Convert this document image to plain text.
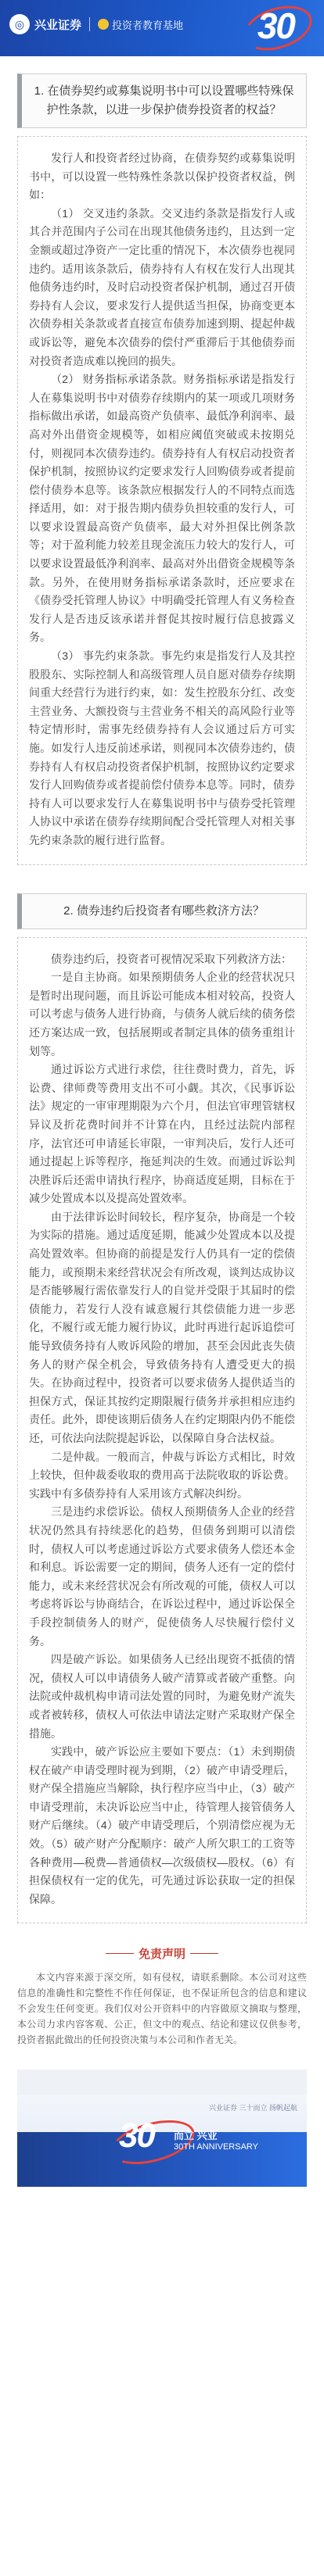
◎ 兴业证券	投资者教育基地 30
1. 在债券契约或募集说明书中可以设置哪些特殊保护性条款，以进一步保护债券投资者的权益？

发行人和投资者经过协商，在债券契约或募集说明书中，可以设置一些特殊性条款以保护投资者权益，例如：

（1） 交叉违约条款。交叉违约条款是指发行人或其合并范围内子公司在出现其他债务违约，且达到一定金额或超过净资产一定比重的情况下，本次债券也视同违约。适用该条款后，债券持有人有权在发行人出现其他债务违约时，及时启动投资者保护机制，通过召开债券持有人会议，要求发行人提供适当担保，协商变更本次债券相关条款或者直接宣布债券加速到期、提起仲裁或诉讼等，避免本次债券的偿付严重滞后于其他债券而对投资者造成难以挽回的损失。

（2） 财务指标承诺条款。财务指标承诺是指发行人在募集说明书中对债券存续期内的某一项或几项财务指标做出承诺，如最高资产负债率、最低净利润率、最高对外出借资金规模等，如相应阈值突破或未按期兑付，则视同本次债券违约。债券持有人有权启动投资者保护机制，按照协议约定要求发行人回购债券或者提前偿付债券本息等。该条款应根据发行人的不同特点而选择适用，如：对于报告期内债券负担较重的发行人，可以要求设置最高资产负债率，最大对外担保比例条款等；对于盈利能力较差且现金流压力较大的发行人，可以要求设置最低净利润率、最高对外出借资金规模等条款。另外，在使用财务指标承诺条款时，还应要求在《债券受托管理人协议》中明确受托管理人有义务检查发行人是否违反该承诺并督促其按时履行信息披露义务。

（3） 事先约束条款。事先约束是指发行人及其控股股东、实际控制人和高级管理人员自愿对债券存续期间重大经营行为进行约束，如：发生控股东分红、改变主营业务、大额投资与主营业务不相关的高风险行业等特定情形时，需事先经债券持有人会议通过后方可实施。如发行人违反前述承诺，则视同本次债券违约，债券持有人有权启动投资者保护机制，按照协议约定要求发行人回购债券或者提前偿付债券本息等。同时，债券持有人可以要求发行人在募集说明书中与债券受托管理人协议中承诺在债券存续期间配合受托管理人对相关事先约束条款的履行进行监督。

2. 债券违约后投资者有哪些救济方法？

债券违约后，投资者可视情况采取下列救济方法：

一是自主协商。如果预期债务人企业的经营状况只是暂时出现问题，而且诉讼可能成本相对较高，投资人可以考虑与债务人进行协商，与债务人就后续的债务偿还方案达成一致，包括展期或者制定具体的债务重组计划等。

通过诉讼方式进行求偿，往往费时费力，首先，诉讼费、律师费等费用支出不可小觑。其次，《民事诉讼法》规定的一审审理期限为六个月，但法官审理管辖权异议及折花费时间并不计算在内，且经过法院内部程序，法官还可申请延长审限，一审判决后，发行人还可通过提起上诉等程序，拖延判决的生效。而通过诉讼判决胜诉后还需申请执行程序，协商适度延期，目标在于减少处置成本以及提高处置效率。

由于法律诉讼时间较长，程序复杂，协商是一个较为实际的措施。通过适度延期，能减少处置成本以及提高处置效率。但协商的前提是发行人仍具有一定的偿债能力，或预期未来经营状况会有所改观，谈判达成协议是否能够履行需依靠发行人的自觉并受限于其届时的偿债能力，若发行人没有诚意履行其偿债能力进一步恶化，不履行或无能力履行协议，此时再进行起诉追偿可能导致债务持有人败诉风险的增加，甚至会因此丧失债务人的财产保全机会，导致债务持有人遭受更大的损失。在协商过程中，投资者可以要求债务人提供适当的担保方式，保证其按约定期限履行债务并承担相应违约责任。此外，即使该期后债务人在约定期限内仍不能偿还，可依法向法院提起诉讼，以保障自身合法权益。

二是仲裁。一般而言，仲裁与诉讼方式相比，时效上较快，但仲裁委收取的费用高于法院收取的诉讼费。实践中有多债券持有人采用该方式解决纠纷。

三是违约求偿诉讼。债权人预期债务人企业的经营状况仍然具有持续恶化的趋势，但债务到期可以清偿时，债权人可以考虑通过诉讼方式要求债务人偿还本金和利息。诉讼需要一定的期间，债务人还有一定的偿付能力，或未来经营状况会有所改观的可能，债权人可以考虑将诉讼与协商结合，在诉讼过程中，通过诉讼保全手段控制债务人的财产，促使债务人尽快履行偿付义务。

四是破产诉讼。如果债务人已经出现资不抵债的情况，债权人可以申请债务人破产清算或者破产重整。向法院或仲裁机构申请司法处置的同时，为避免财产流失或者被转移，债权人可依法申请法定财产采取财产保全措施。

实践中，破产诉讼应主要如下要点：（1）未到期债权在破产申请受理时视为到期，（2）破产申请受理后，财产保全措施应当解除，执行程序应当中止，（3）破产申请受理前，未决诉讼应当中止，待管理人接管债务人财产后继续。（4）破产申请受理后，个别清偿应视为无效。（5）破产财产分配顺序：破产人所欠职工的工资等各种费用—税费—普通债权—次级债权—股权。（6）有担保债权有一定的优先，可先通过诉讼获取一定的担保保障。

免责声明

本文内容来源于深交所，如有侵权，请联系删除。本公司对这些信息的准确性和完整性不作任何保证，也不保证所包含的信息和建议不会发生任何变更。我们仅对公开资料中的内容做原文摘取与整理，本公司力求内容客观、公正，但文中的观点、结论和建议仅供参考，投资者据此做出的任何投资决策与本公司和作者无关。

兴业证券 三十而立 扬帆起航
30 而立 兴业
30TH ANNIVERSARY
